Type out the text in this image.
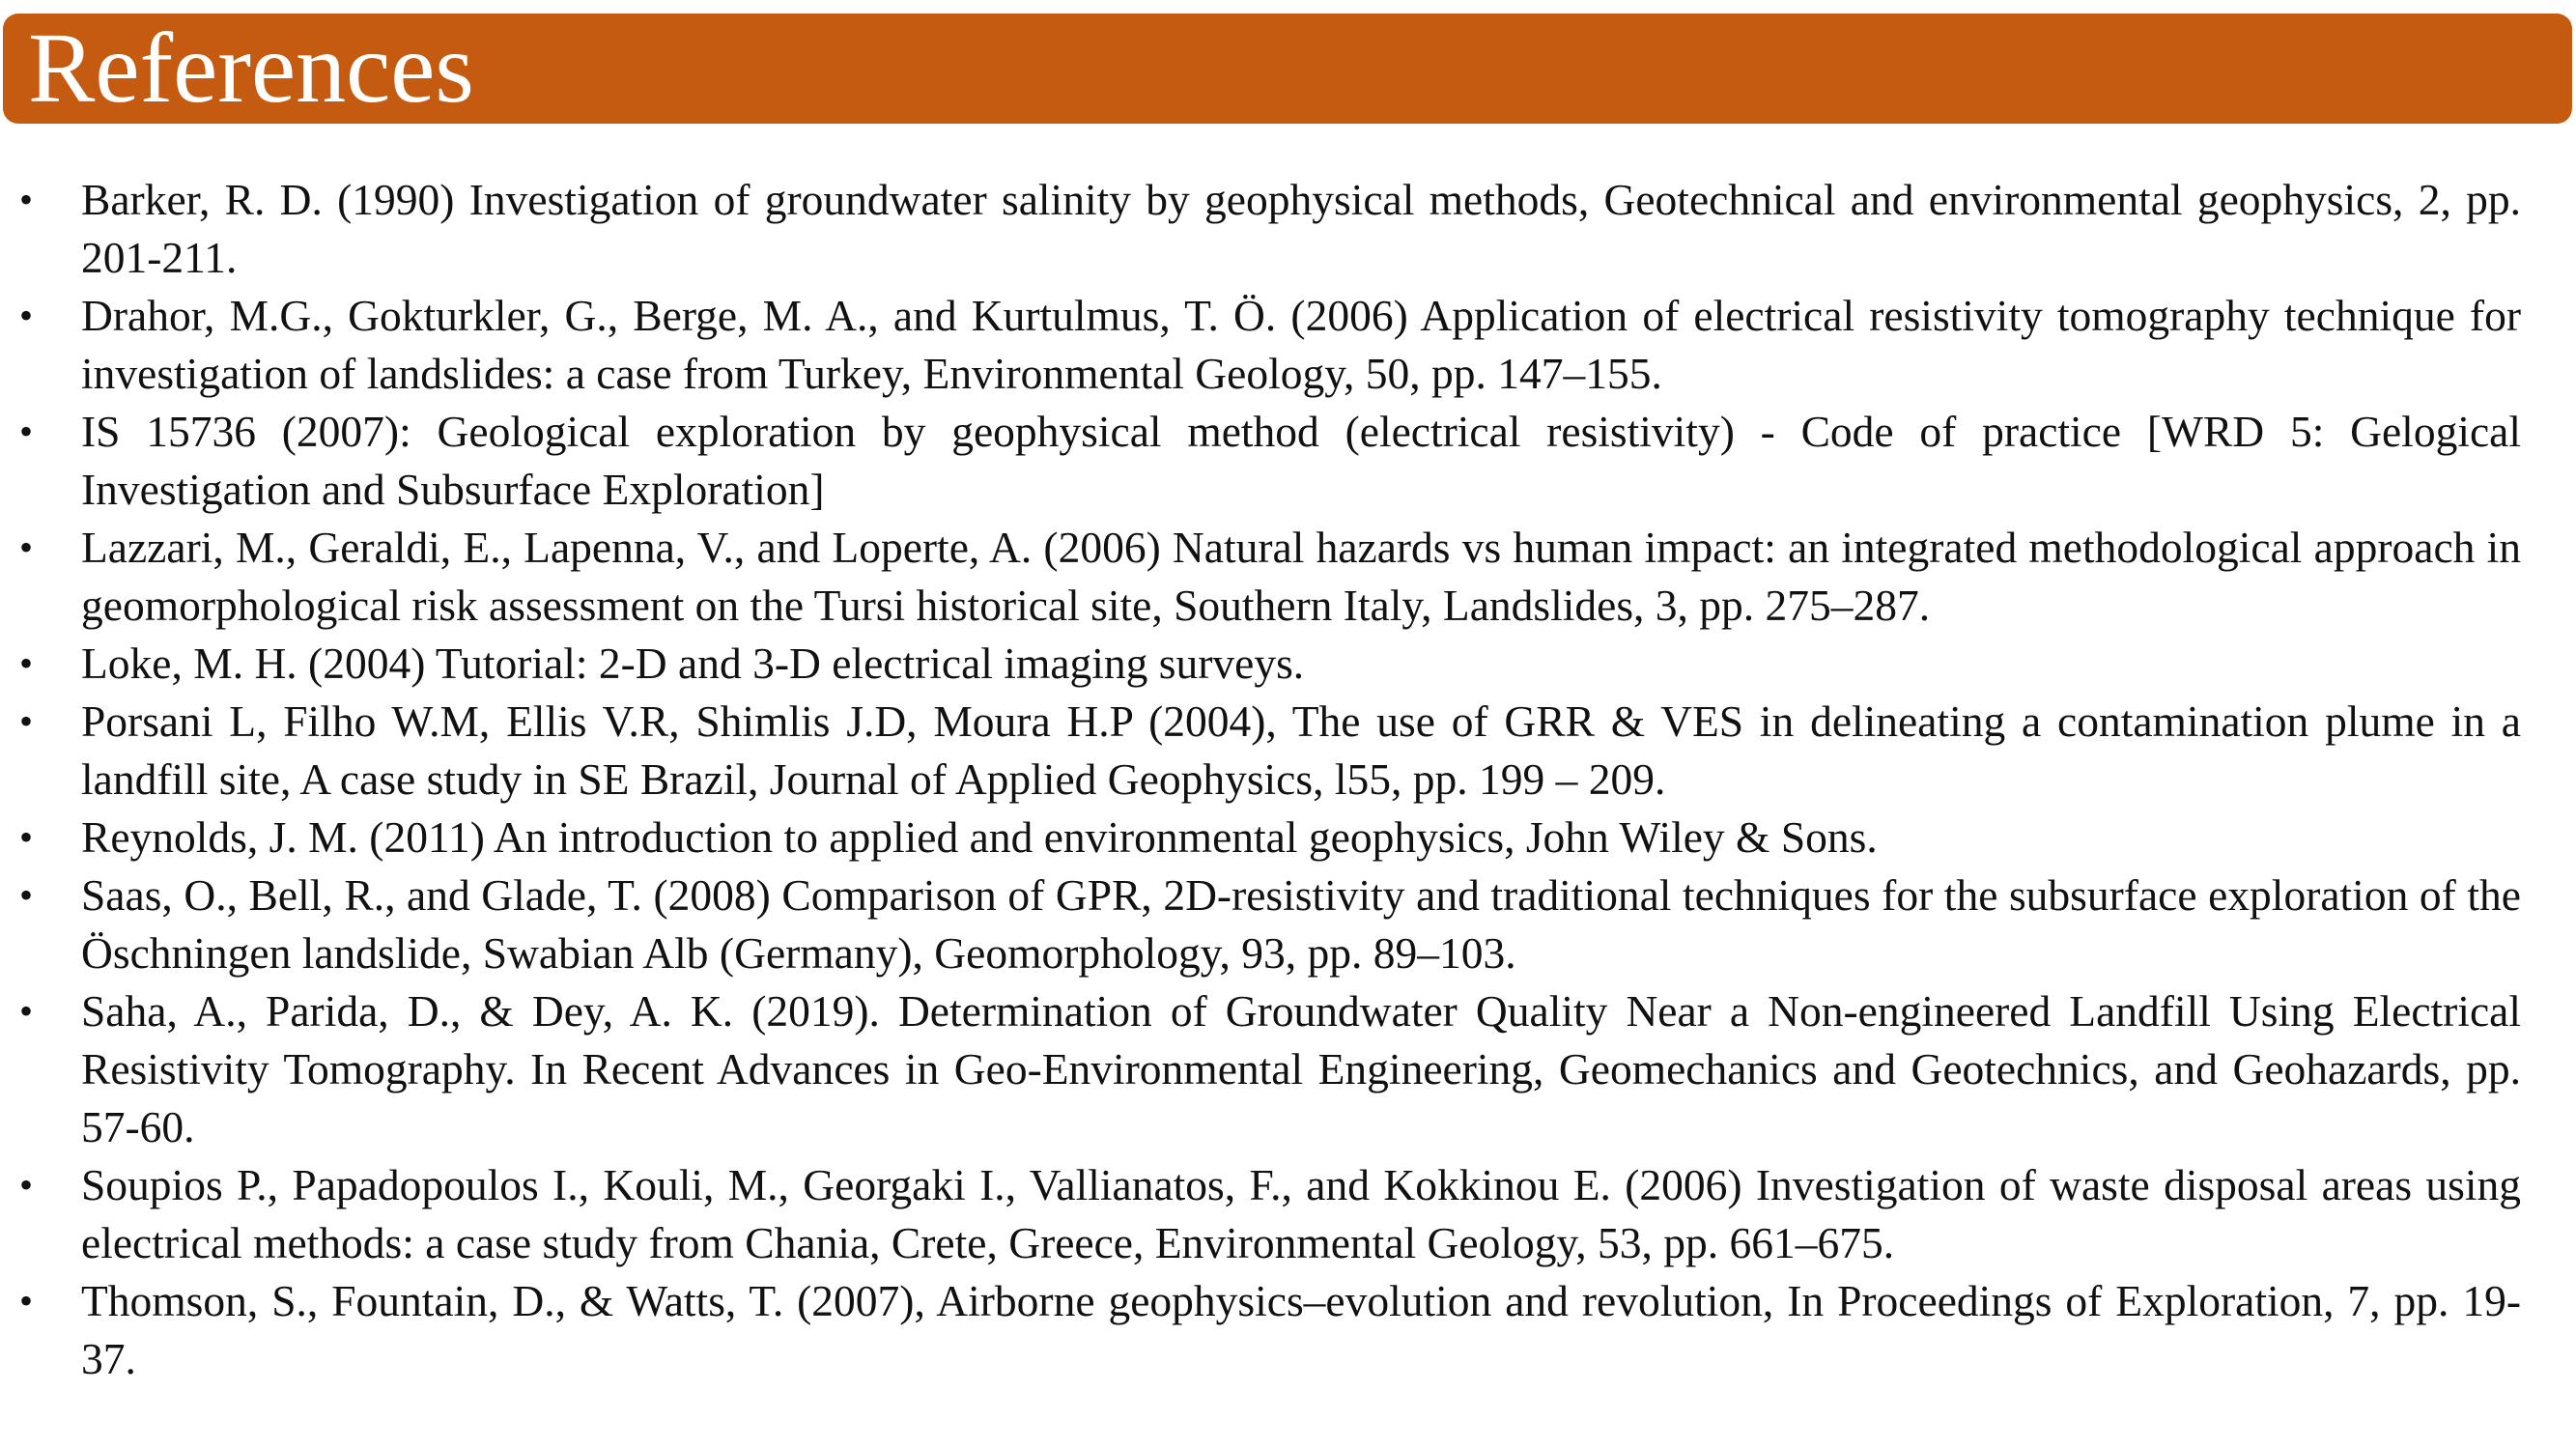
References
•	Barker, R. D. (1990) Investigation of groundwater salinity by geophysical methods, Geotechnical and environmental geophysics, 2, pp. 201-211.
•	Drahor, M.G., Gokturkler, G., Berge, M. A., and Kurtulmus, T. Ö. (2006) Application of electrical resistivity tomography technique for investigation of landslides: a case from Turkey, Environmental Geology, 50, pp. 147–155.
•	IS 15736 (2007): Geological exploration by geophysical method (electrical resistivity) - Code of practice [WRD 5: Gelogical Investigation and Subsurface Exploration]
•	Lazzari, M., Geraldi, E., Lapenna, V., and Loperte, A. (2006) Natural hazards vs human impact: an integrated methodological approach in geomorphological risk assessment on the Tursi historical site, Southern Italy, Landslides, 3, pp. 275–287.
•	Loke, M. H. (2004) Tutorial: 2-D and 3-D electrical imaging surveys.
•	Porsani L, Filho W.M, Ellis V.R, Shimlis J.D, Moura H.P (2004), The use of GRR & VES in delineating a contamination plume in a landfill site, A case study in SE Brazil, Journal of Applied Geophysics, l55, pp. 199 – 209.
•	Reynolds, J. M. (2011) An introduction to applied and environmental geophysics, John Wiley & Sons.
•	Saas, O., Bell, R., and Glade, T. (2008) Comparison of GPR, 2D-resistivity and traditional techniques for the subsurface exploration of the Öschningen landslide, Swabian Alb (Germany), Geomorphology, 93, pp. 89–103.
•	Saha, A., Parida, D., & Dey, A. K. (2019). Determination of Groundwater Quality Near a Non-engineered Landfill Using Electrical Resistivity Tomography. In Recent Advances in Geo-Environmental Engineering, Geomechanics and Geotechnics, and Geohazards, pp. 57-60.
•	Soupios P., Papadopoulos I., Kouli, M., Georgaki I., Vallianatos, F., and Kokkinou E. (2006) Investigation of waste disposal areas using electrical methods: a case study from Chania, Crete, Greece, Environmental Geology, 53, pp. 661–675.
•	Thomson, S., Fountain, D., & Watts, T. (2007), Airborne geophysics–evolution and revolution, In Proceedings of Exploration, 7, pp. 19-37.
